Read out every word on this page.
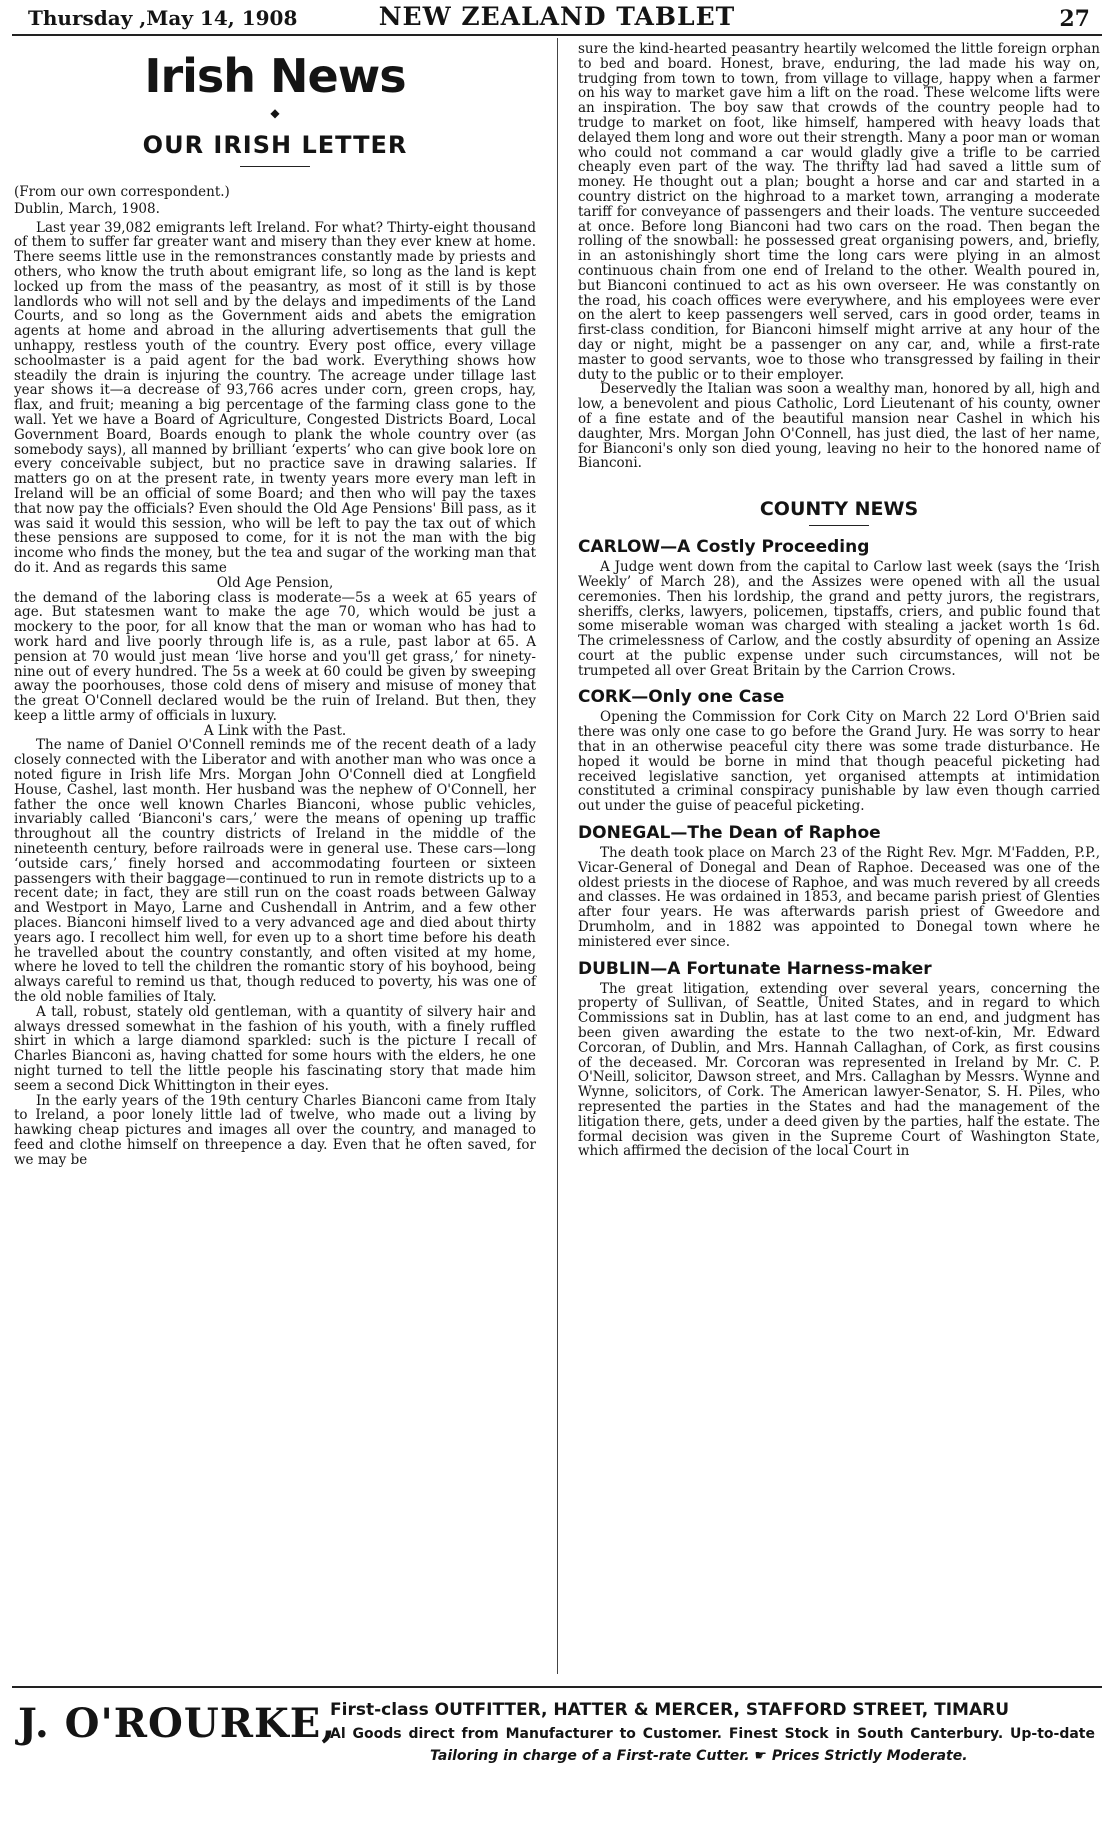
Thursday ,May 14, 1908	NEW ZEALAND TABLET	27
Irish News
◆
OUR IRISH LETTER

(From our own correspondent.)

Dublin, March, 1908.

Last year 39,082 emigrants left Ireland. For what? Thirty-eight thousand of them to suffer far greater want and misery than they ever knew at home. There seems little use in the remonstrances constantly made by priests and others, who know the truth about emigrant life, so long as the land is kept locked up from the mass of the peasantry, as most of it still is by those landlords who will not sell and by the delays and impediments of the Land Courts, and so long as the Government aids and abets the emigration agents at home and abroad in the alluring advertisements that gull the unhappy, restless youth of the country. Every post office, every village schoolmaster is a paid agent for the bad work. Everything shows how steadily the drain is injuring the country. The acreage under tillage last year shows it—a decrease of 93,766 acres under corn, green crops, hay, flax, and fruit; meaning a big percentage of the farming class gone to the wall. Yet we have a Board of Agriculture, Congested Districts Board, Local Government Board, Boards enough to plank the whole country over (as somebody says), all manned by brilliant ‘experts’ who can give book lore on every conceivable subject, but no practice save in drawing salaries. If matters go on at the present rate, in twenty years more every man left in Ireland will be an official of some Board; and then who will pay the taxes that now pay the officials? Even should the Old Age Pensions' Bill pass, as it was said it would this session, who will be left to pay the tax out of which these pensions are supposed to come, for it is not the man with the big income who finds the money, but the tea and sugar of the working man that do it. And as regards this same

Old Age Pension,

the demand of the laboring class is moderate—5s a week at 65 years of age. But statesmen want to make the age 70, which would be just a mockery to the poor, for all know that the man or woman who has had to work hard and live poorly through life is, as a rule, past labor at 65. A pension at 70 would just mean ‘live horse and you'll get grass,’ for ninety-nine out of every hundred. The 5s a week at 60 could be given by sweeping away the poorhouses, those cold dens of misery and misuse of money that the great O'Connell declared would be the ruin of Ireland. But then, they keep a little army of officials in luxury.

A Link with the Past.

The name of Daniel O'Connell reminds me of the recent death of a lady closely connected with the Liberator and with another man who was once a noted figure in Irish life Mrs. Morgan John O'Connell died at Longfield House, Cashel, last month. Her husband was the nephew of O'Connell, her father the once well known Charles Bianconi, whose public vehicles, invariably called ‘Bianconi's cars,’ were the means of opening up traffic throughout all the country districts of Ireland in the middle of the nineteenth century, before railroads were in general use. These cars—long ‘outside cars,’ finely horsed and accommodating fourteen or sixteen passengers with their baggage—continued to run in remote districts up to a recent date; in fact, they are still run on the coast roads between Galway and Westport in Mayo, Larne and Cushendall in Antrim, and a few other places. Bianconi himself lived to a very advanced age and died about thirty years ago. I recollect him well, for even up to a short time before his death he travelled about the country constantly, and often visited at my home, where he loved to tell the children the romantic story of his boyhood, being always careful to remind us that, though reduced to poverty, his was one of the old noble families of Italy.

A tall, robust, stately old gentleman, with a quantity of silvery hair and always dressed somewhat in the fashion of his youth, with a finely ruffled shirt in which a large diamond sparkled: such is the picture I recall of Charles Bianconi as, having chatted for some hours with the elders, he one night turned to tell the little people his fascinating story that made him seem a second Dick Whittington in their eyes.

In the early years of the 19th century Charles Bianconi came from Italy to Ireland, a poor lonely little lad of twelve, who made out a living by hawking cheap pictures and images all over the country, and managed to feed and clothe himself on threepence a day. Even that he often saved, for we may be

sure the kind-hearted peasantry heartily welcomed the little foreign orphan to bed and board. Honest, brave, enduring, the lad made his way on, trudging from town to town, from village to village, happy when a farmer on his way to market gave him a lift on the road. These welcome lifts were an inspiration. The boy saw that crowds of the country people had to trudge to market on foot, like himself, hampered with heavy loads that delayed them long and wore out their strength. Many a poor man or woman who could not command a car would gladly give a trifle to be carried cheaply even part of the way. The thrifty lad had saved a little sum of money. He thought out a plan; bought a horse and car and started in a country district on the highroad to a market town, arranging a moderate tariff for conveyance of passengers and their loads. The venture succeeded at once. Before long Bianconi had two cars on the road. Then began the rolling of the snowball: he possessed great organising powers, and, briefly, in an astonishingly short time the long cars were plying in an almost continuous chain from one end of Ireland to the other. Wealth poured in, but Bianconi continued to act as his own overseer. He was constantly on the road, his coach offices were everywhere, and his employees were ever on the alert to keep passengers well served, cars in good order, teams in first-class condition, for Bianconi himself might arrive at any hour of the day or night, might be a passenger on any car, and, while a first-rate master to good servants, woe to those who transgressed by failing in their duty to the public or to their employer.

Deservedly the Italian was soon a wealthy man, honored by all, high and low, a benevolent and pious Catholic, Lord Lieutenant of his county, owner of a fine estate and of the beautiful mansion near Cashel in which his daughter, Mrs. Morgan John O'Connell, has just died, the last of her name, for Bianconi's only son died young, leaving no heir to the honored name of Bianconi.

COUNTY NEWS
CARLOW—A Costly Proceeding

A Judge went down from the capital to Carlow last week (says the ‘Irish Weekly’ of March 28), and the Assizes were opened with all the usual ceremonies. Then his lordship, the grand and petty jurors, the registrars, sheriffs, clerks, lawyers, policemen, tipstaffs, criers, and public found that some miserable woman was charged with stealing a jacket worth 1s 6d. The crimelessness of Carlow, and the costly absurdity of opening an Assize court at the public expense under such circumstances, will not be trumpeted all over Great Britain by the Carrion Crows.

CORK—Only one Case

Opening the Commission for Cork City on March 22 Lord O'Brien said there was only one case to go before the Grand Jury. He was sorry to hear that in an otherwise peaceful city there was some trade disturbance. He hoped it would be borne in mind that though peaceful picketing had received legislative sanction, yet organised attempts at intimidation constituted a criminal conspiracy punishable by law even though carried out under the guise of peaceful picketing.

DONEGAL—The Dean of Raphoe

The death took place on March 23 of the Right Rev. Mgr. M'Fadden, P.P., Vicar-General of Donegal and Dean of Raphoe. Deceased was one of the oldest priests in the diocese of Raphoe, and was much revered by all creeds and classes. He was ordained in 1853, and became parish priest of Glenties after four years. He was afterwards parish priest of Gweedore and Drumholm, and in 1882 was appointed to Donegal town where he ministered ever since.

DUBLIN—A Fortunate Harness-maker

The great litigation, extending over several years, concerning the property of Sullivan, of Seattle, United States, and in regard to which Commissions sat in Dublin, has at last come to an end, and judgment has been given awarding the estate to the two next-of-kin, Mr. Edward Corcoran, of Dublin, and Mrs. Hannah Callaghan, of Cork, as first cousins of the deceased. Mr. Corcoran was represented in Ireland by Mr. C. P. O'Neill, solicitor, Dawson street, and Mrs. Callaghan by Messrs. Wynne and Wynne, solicitors, of Cork. The American lawyer-Senator, S. H. Piles, who represented the parties in the States and had the management of the litigation there, gets, under a deed given by the parties, half the estate. The formal decision was given in the Supreme Court of Washington State, which affirmed the decision of the local Court in

J. O'ROURKE,
First-class OUTFITTER, HATTER & MERCER, STAFFORD STREET, TIMARU
Al Goods direct from Manufacturer to Customer. Finest Stock in South Canterbury. Up-to-date
Tailoring in charge of a First-rate Cutter. ☛ Prices Strictly Moderate.
